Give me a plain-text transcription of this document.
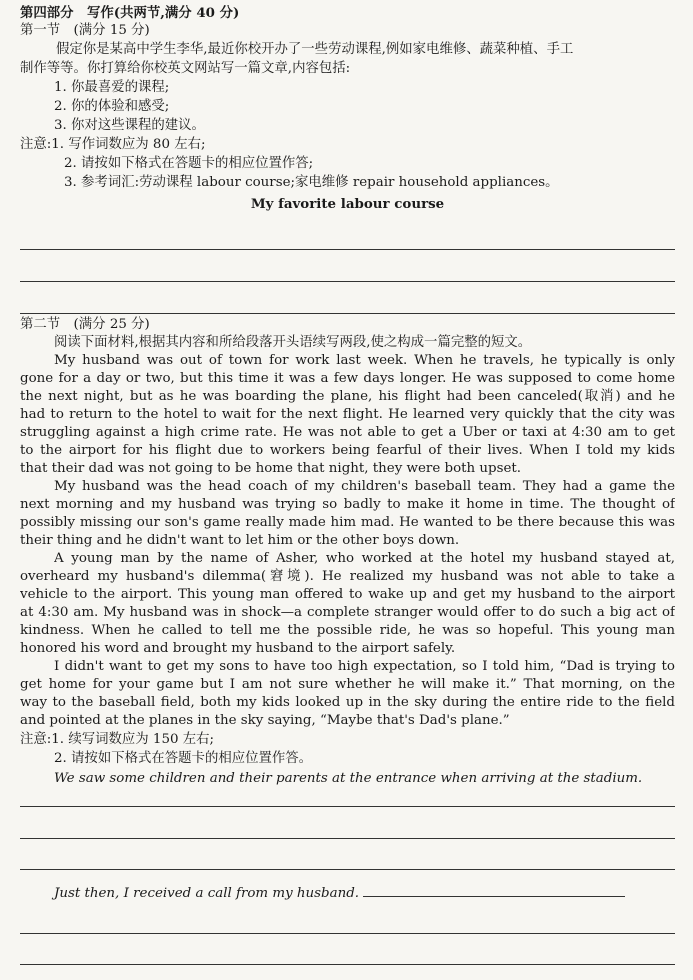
第四部分　写作(共两节,满分 40 分)
第一节　(满分 15 分)
假定你是某高中学生李华,最近你校开办了一些劳动课程,例如家电维修、蔬菜种植、手工
制作等等。你打算给你校英文网站写一篇文章,内容包括:
1. 你最喜爱的课程;
2. 你的体验和感受;
3. 你对这些课程的建议。
注意:1. 写作词数应为 80 左右;
2. 请按如下格式在答题卡的相应位置作答;
3. 参考词汇:劳动课程 labour course;家电维修 repair household appliances。
My favorite labour course
第二节　(满分 25 分)
阅读下面材料,根据其内容和所给段落开头语续写两段,使之构成一篇完整的短文。
My husband was out of town for work last week. When he travels, he typically is only
gone for a day or two, but this time it was a few days longer. He was supposed to come home
the next night, but as he was boarding the plane, his flight had been canceled(取消) and he
had to return to the hotel to wait for the next flight. He learned very quickly that the city was
struggling against a high crime rate. He was not able to get a Uber or taxi at 4:30 am to get
to the airport for his flight due to workers being fearful of their lives. When I told my kids
that their dad was not going to be home that night, they were both upset.
My husband was the head coach of my children's baseball team. They had a game the
next morning and my husband was trying so badly to make it home in time. The thought of
possibly missing our son's game really made him mad. He wanted to be there because this was
their thing and he didn't want to let him or the other boys down.
A young man by the name of Asher, who worked at the hotel my husband stayed at,
overheard my husband's dilemma(窘境). He realized my husband was not able to take a
vehicle to the airport. This young man offered to wake up and get my husband to the airport
at 4:30 am. My husband was in shock—a complete stranger would offer to do such a big act of
kindness. When he called to tell me the possible ride, he was so hopeful. This young man
honored his word and brought my husband to the airport safely.
I didn't want to get my sons to have too high expectation, so I told him, “Dad is trying to
get home for your game but I am not sure whether he will make it.” That morning, on the
way to the baseball field, both my kids looked up in the sky during the entire ride to the field
and pointed at the planes in the sky saying, “Maybe that's Dad's plane.”
注意:1. 续写词数应为 150 左右;
2. 请按如下格式在答题卡的相应位置作答。
We saw some children and their parents at the entrance when arriving at the stadium.
Just then, I received a call from my husband.
